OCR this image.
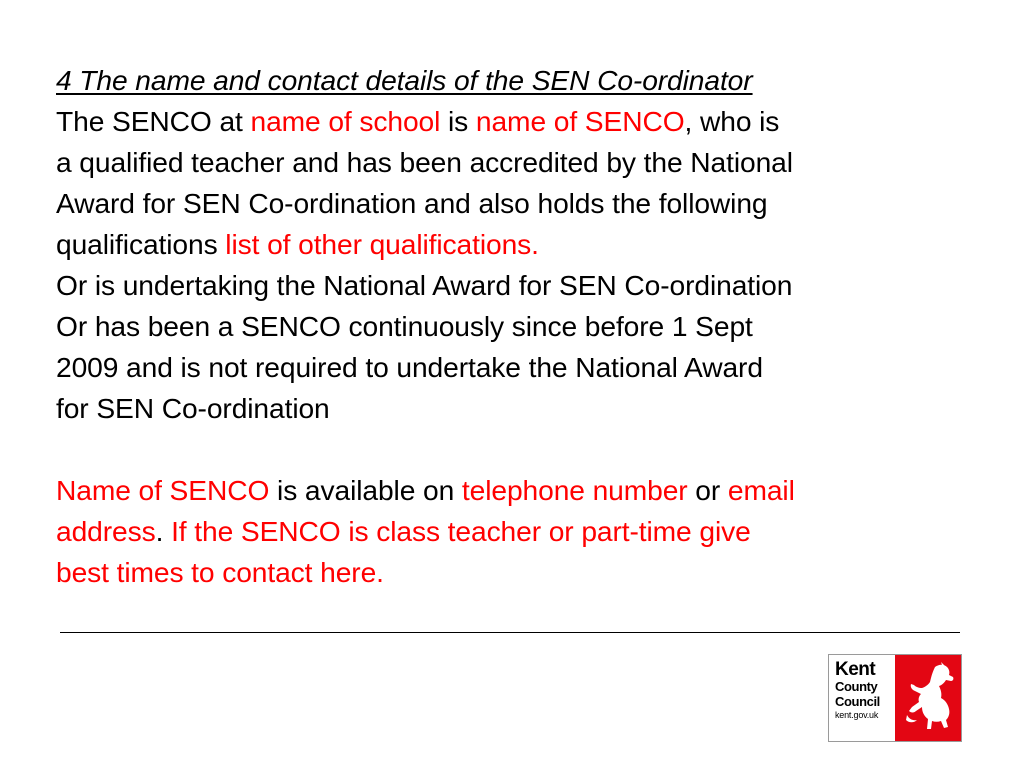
4 The name and contact details of the SEN Co-ordinator
The SENCO at name of school is name of SENCO, who is
a qualified teacher and has been accredited by the National
Award for SEN Co-ordination and also holds the following
qualifications list of other qualifications.
Or is undertaking the National Award for SEN Co-ordination
Or has been a SENCO continuously since before 1 Sept
2009 and is not required to undertake the National Award
for SEN Co-ordination
Name of SENCO is available on telephone number or email
address. If the SENCO is class teacher or part-time give
best times to contact here.
Kent
County
Council
kent.gov.uk
